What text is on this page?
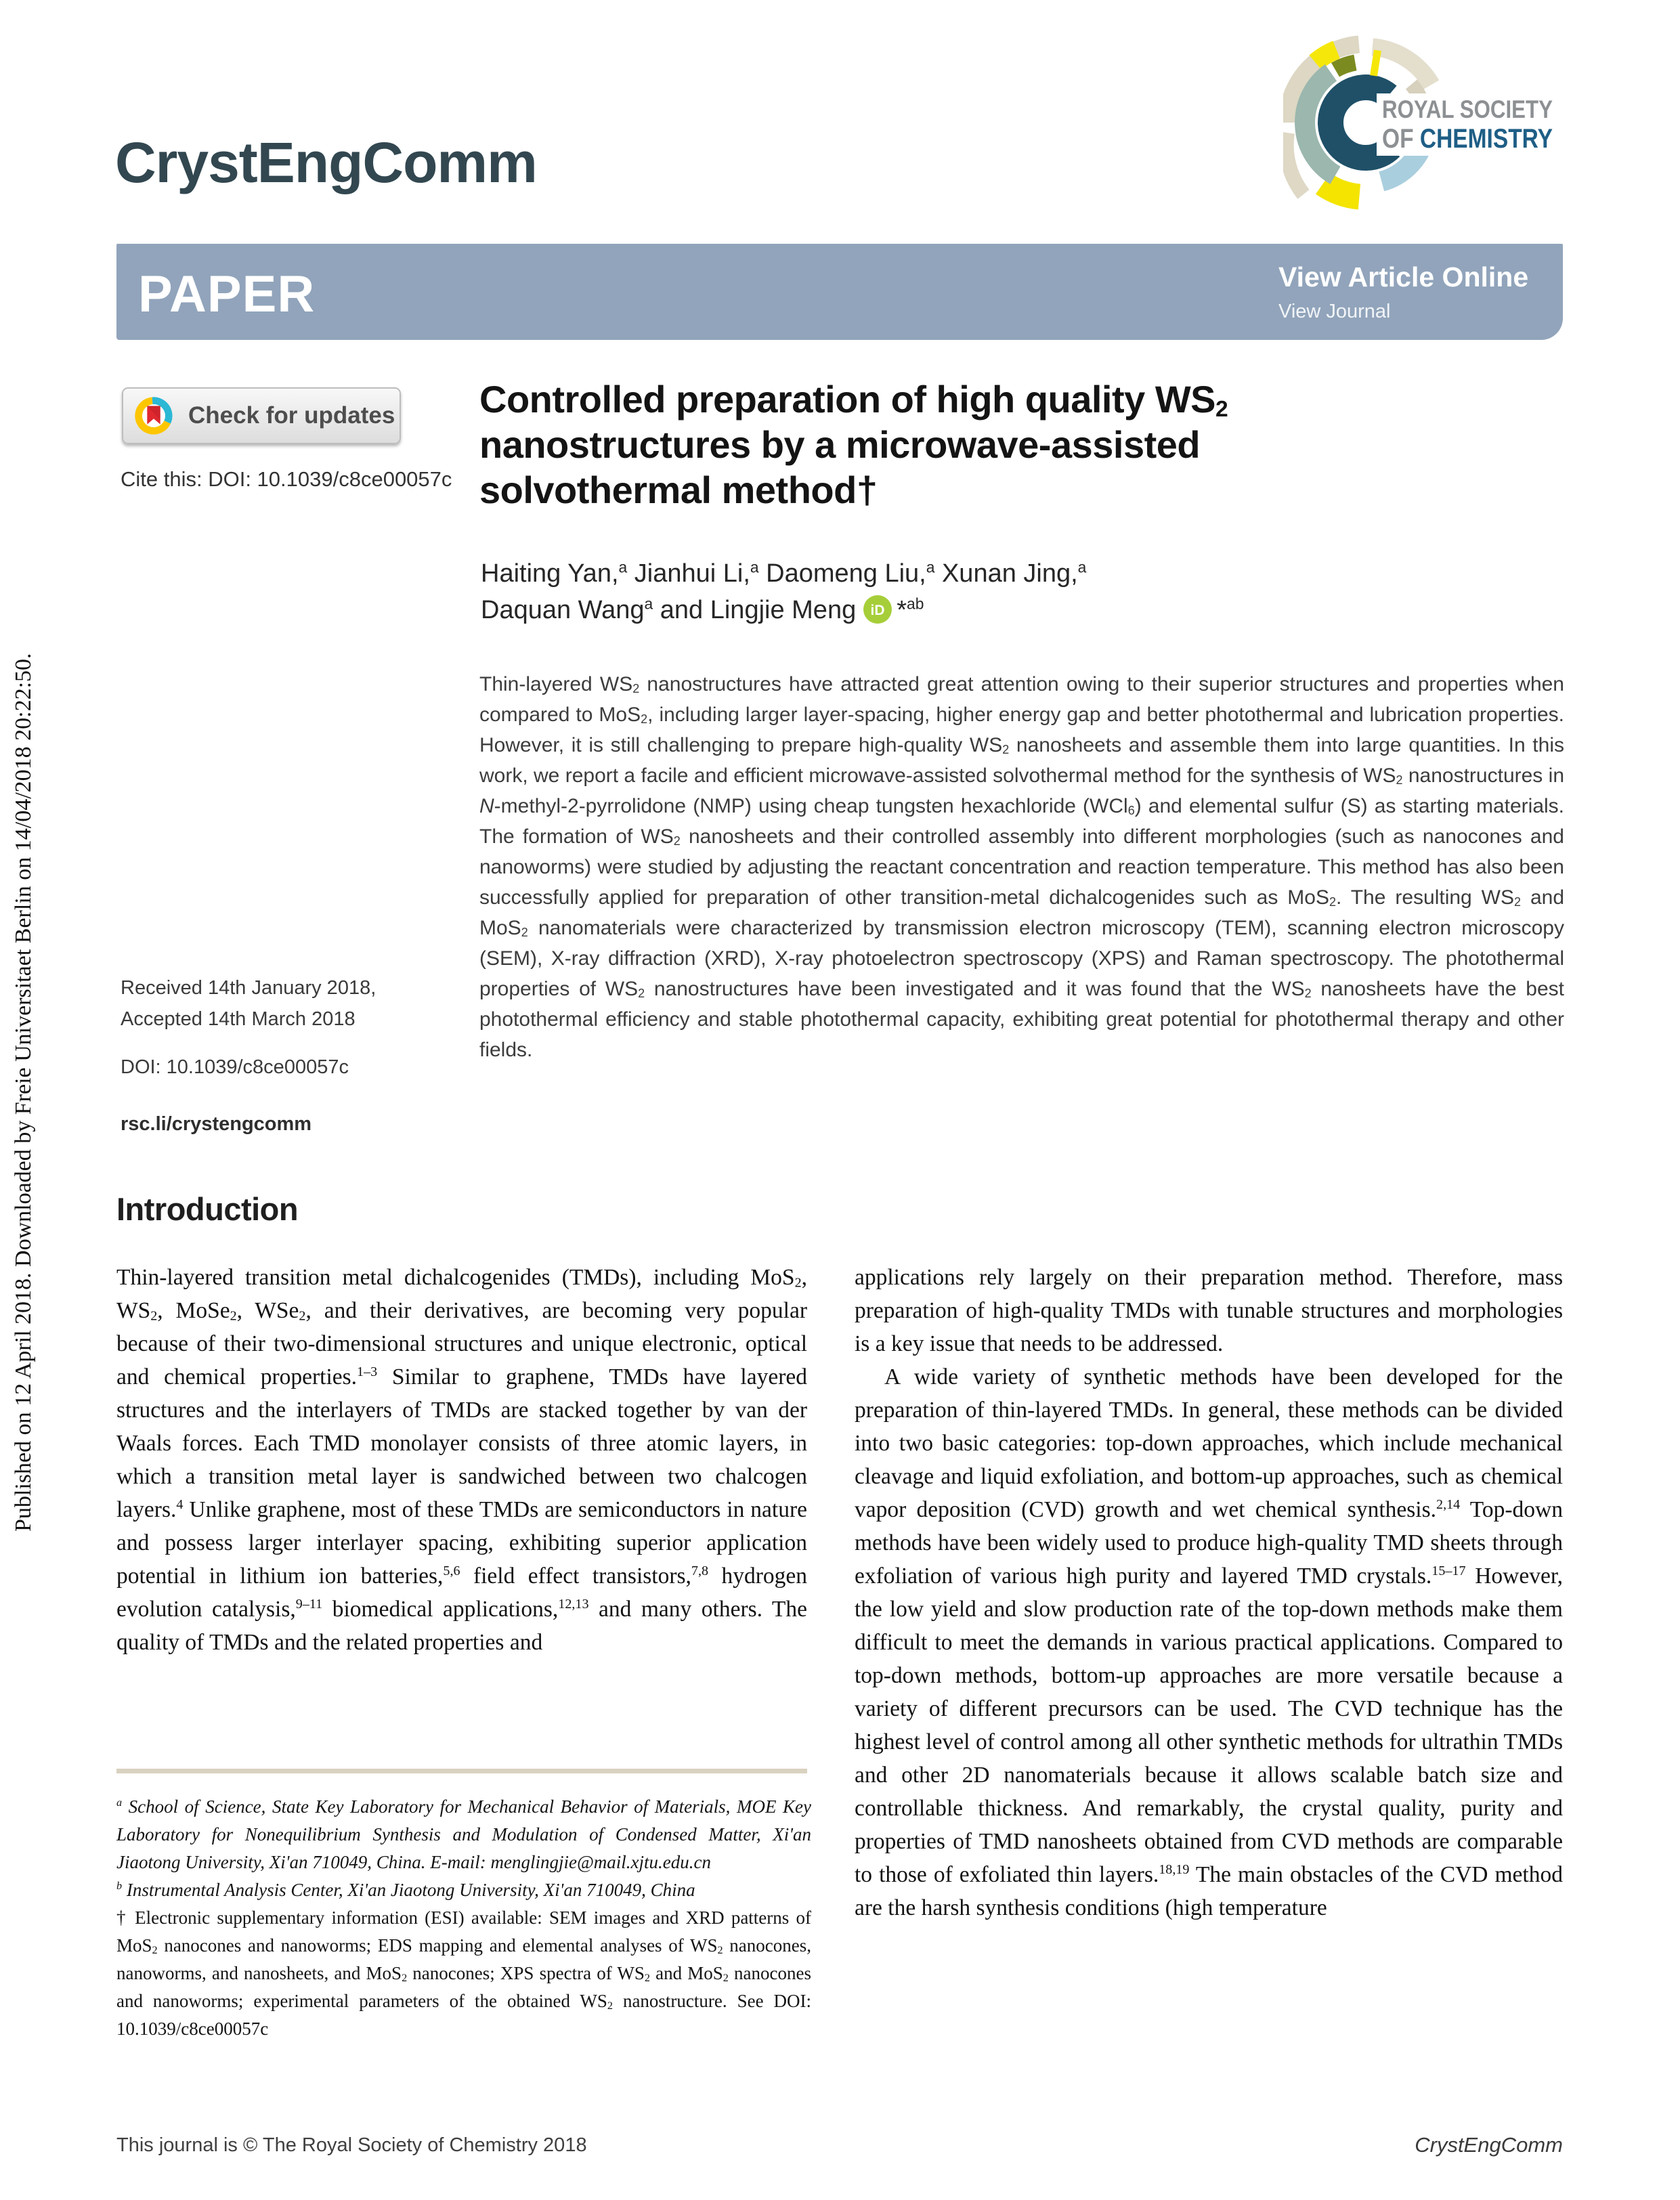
Published on 12 April 2018. Downloaded by Freie Universitaet Berlin on 14/04/2018 20:22:50.
CrystEngComm
ROYAL SOCIETY
OF CHEMISTRY
PAPER	View Article Online
View Journal
Check for updates
Cite this: DOI: 10.1039/c8ce00057c
Controlled preparation of high quality WS2 nanostructures by a microwave-assisted solvothermal method†
Haiting Yan,$^a$ Jianhui Li,$^a$ Daomeng Liu,$^a$ Xunan Jing,$^a$
Daquan Wang$^a$ and Lingjie Meng iD *$^{ab}$

Thin-layered WS2 nanostructures have attracted great attention owing to their superior structures and properties when compared to MoS2, including larger layer-spacing, higher energy gap and better photothermal and lubrication properties. However, it is still challenging to prepare high-quality WS2 nanosheets and assemble them into large quantities. In this work, we report a facile and efficient microwave-assisted solvothermal method for the synthesis of WS2 nanostructures in N-methyl-2-pyrrolidone (NMP) using cheap tungsten hexachloride (WCl6) and elemental sulfur (S) as starting materials. The formation of WS2 nanosheets and their controlled assembly into different morphologies (such as nanocones and nanoworms) were studied by adjusting the reactant concentration and reaction temperature. This method has also been successfully applied for preparation of other transition-metal dichalcogenides such as MoS2. The resulting WS2 and MoS2 nanomaterials were characterized by transmission electron microscopy (TEM), scanning electron microscopy (SEM), X-ray diffraction (XRD), X-ray photoelectron spectroscopy (XPS) and Raman spectroscopy. The photothermal properties of WS2 nanostructures have been investigated and it was found that the WS2 nanosheets have the best photothermal efficiency and stable photothermal capacity, exhibiting great potential for photothermal therapy and other fields.

Received 14th January 2018,
Accepted 14th March 2018
DOI: 10.1039/c8ce00057c
rsc.li/crystengcomm
Introduction

Thin-layered transition metal dichalcogenides (TMDs), including MoS2, WS2, MoSe2, WSe2, and their derivatives, are becoming very popular because of their two-dimensional structures and unique electronic, optical and chemical properties.$^{1-3}$ Similar to graphene, TMDs have layered structures and the interlayers of TMDs are stacked together by van der Waals forces. Each TMD monolayer consists of three atomic layers, in which a transition metal layer is sandwiched between two chalcogen layers.$^4$ Unlike graphene, most of these TMDs are semiconductors in nature and possess larger interlayer spacing, exhibiting superior application potential in lithium ion batteries,$^{5,6}$ field effect transistors,$^{7,8}$ hydrogen evolution catalysis,$^{9-11}$ biomedical applications,$^{12,13}$ and many others. The quality of TMDs and the related properties and

applications rely largely on their preparation method. Therefore, mass preparation of high-quality TMDs with tunable structures and morphologies is a key issue that needs to be addressed.

A wide variety of synthetic methods have been developed for the preparation of thin-layered TMDs. In general, these methods can be divided into two basic categories: top-down approaches, which include mechanical cleavage and liquid exfoliation, and bottom-up approaches, such as chemical vapor deposition (CVD) growth and wet chemical synthesis.$^{2,14}$ Top-down methods have been widely used to produce high-quality TMD sheets through exfoliation of various high purity and layered TMD crystals.$^{15-17}$ However, the low yield and slow production rate of the top-down methods make them difficult to meet the demands in various practical applications. Compared to top-down methods, bottom-up approaches are more versatile because a variety of different precursors can be used. The CVD technique has the highest level of control among all other synthetic methods for ultrathin TMDs and other 2D nanomaterials because it allows scalable batch size and controllable thickness. And remarkably, the crystal quality, purity and properties of TMD nanosheets obtained from CVD methods are comparable to those of exfoliated thin layers.$^{18,19}$ The main obstacles of the CVD method are the harsh synthesis conditions (high temperature

$^a$ School of Science, State Key Laboratory for Mechanical Behavior of Materials, MOE Key Laboratory for Nonequilibrium Synthesis and Modulation of Condensed Matter, Xi'an Jiaotong University, Xi'an 710049, China. E-mail: menglingjie@mail.xjtu.edu.cn
$^b$ Instrumental Analysis Center, Xi'an Jiaotong University, Xi'an 710049, China
† Electronic supplementary information (ESI) available: SEM images and XRD patterns of MoS2 nanocones and nanoworms; EDS mapping and elemental analyses of WS2 nanocones, nanoworms, and nanosheets, and MoS2 nanocones; XPS spectra of WS2 and MoS2 nanocones and nanoworms; experimental parameters of the obtained WS2 nanostructure. See DOI: 10.1039/c8ce00057c
This journal is © The Royal Society of Chemistry 2018	CrystEngComm
